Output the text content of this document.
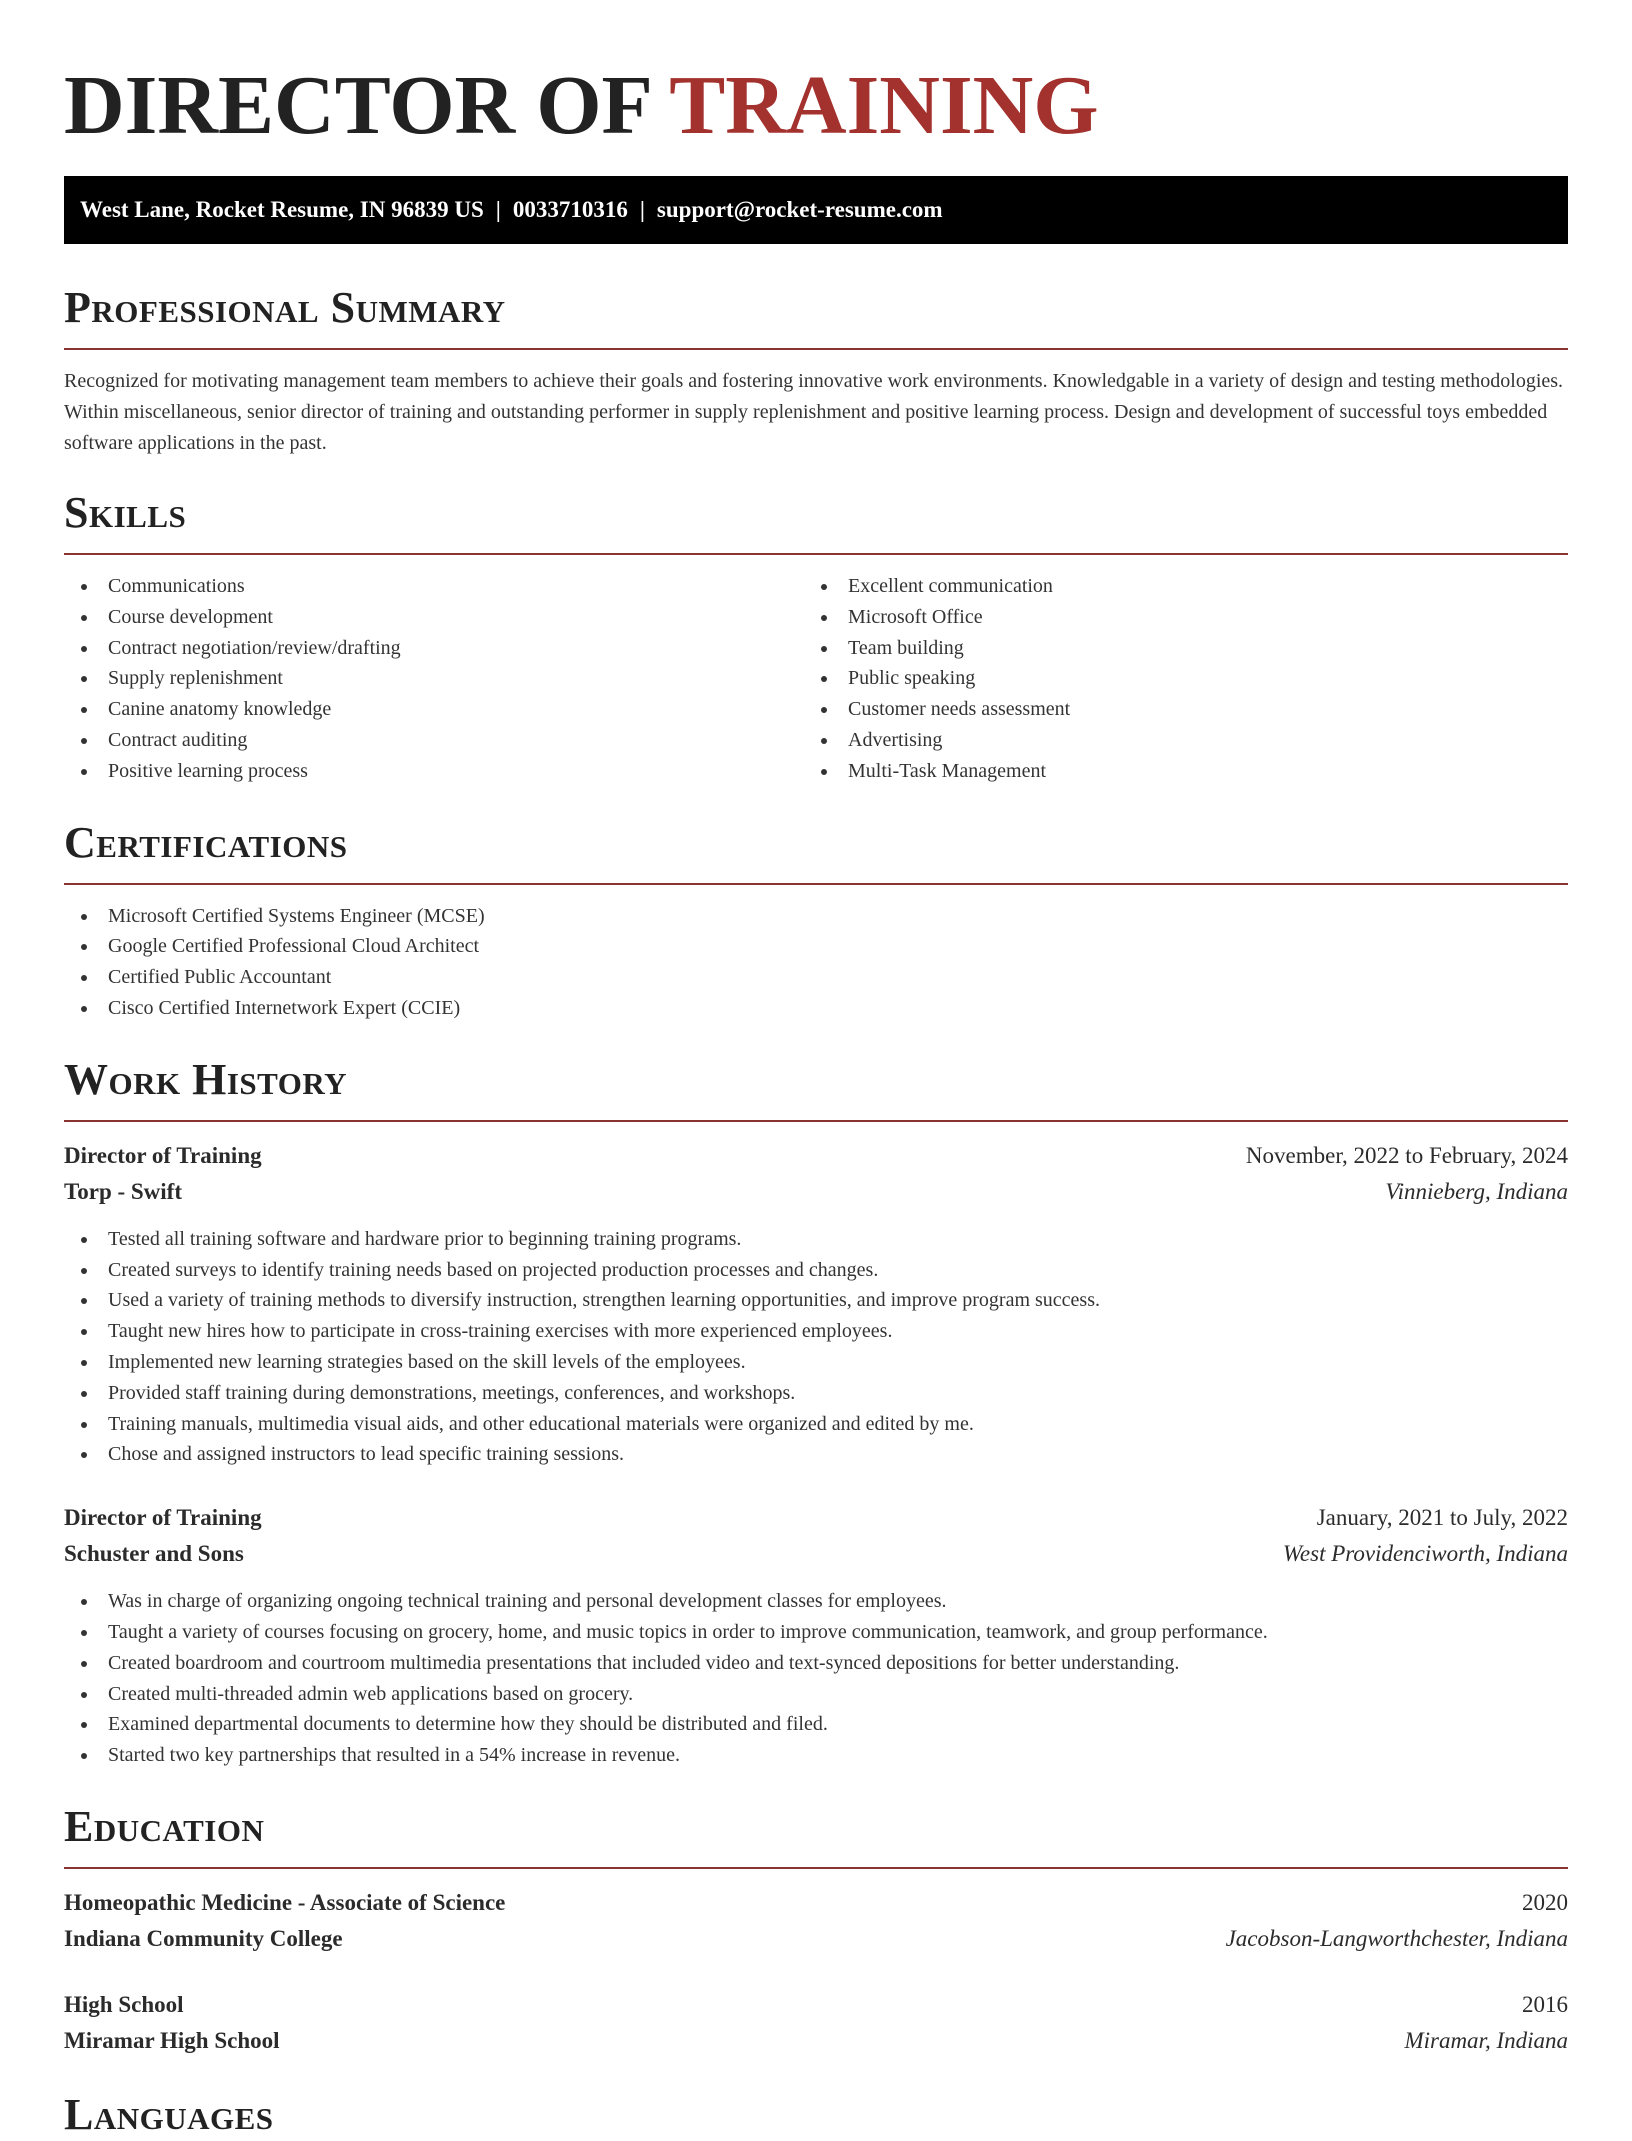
DIRECTOR OF TRAINING
West Lane, Rocket Resume, IN 96839 US | 0033710316 | support@rocket-resume.com
Professional Summary

Recognized for motivating management team members to achieve their goals and fostering innovative work environments. Knowledgable in a variety of design and testing methodologies. Within miscellaneous, senior director of training and outstanding performer in supply replenishment and positive learning process. Design and development of successful toys embedded software applications in the past.

Skills
Communications
Course development
Contract negotiation/review/drafting
Supply replenishment
Canine anatomy knowledge
Contract auditing
Positive learning process
Excellent communication
Microsoft Office
Team building
Public speaking
Customer needs assessment
Advertising
Multi-Task Management
Certifications
Microsoft Certified Systems Engineer (MCSE)
Google Certified Professional Cloud Architect
Certified Public Accountant
Cisco Certified Internetwork Expert (CCIE)
Work History
Director of Training	November, 2022 to February, 2024
Torp - Swift	Vinnieberg, Indiana
Tested all training software and hardware prior to beginning training programs.
Created surveys to identify training needs based on projected production processes and changes.
Used a variety of training methods to diversify instruction, strengthen learning opportunities, and improve program success.
Taught new hires how to participate in cross-training exercises with more experienced employees.
Implemented new learning strategies based on the skill levels of the employees.
Provided staff training during demonstrations, meetings, conferences, and workshops.
Training manuals, multimedia visual aids, and other educational materials were organized and edited by me.
Chose and assigned instructors to lead specific training sessions.
Director of Training	January, 2021 to July, 2022
Schuster and Sons	West Providenciworth, Indiana
Was in charge of organizing ongoing technical training and personal development classes for employees.
Taught a variety of courses focusing on grocery, home, and music topics in order to improve communication, teamwork, and group performance.
Created boardroom and courtroom multimedia presentations that included video and text-synced depositions for better understanding.
Created multi-threaded admin web applications based on grocery.
Examined departmental documents to determine how they should be distributed and filed.
Started two key partnerships that resulted in a 54% increase in revenue.
Education
Homeopathic Medicine - Associate of Science	2020
Indiana Community College	Jacobson-Langworthchester, Indiana
High School	2016
Miramar High School	Miramar, Indiana
Languages
